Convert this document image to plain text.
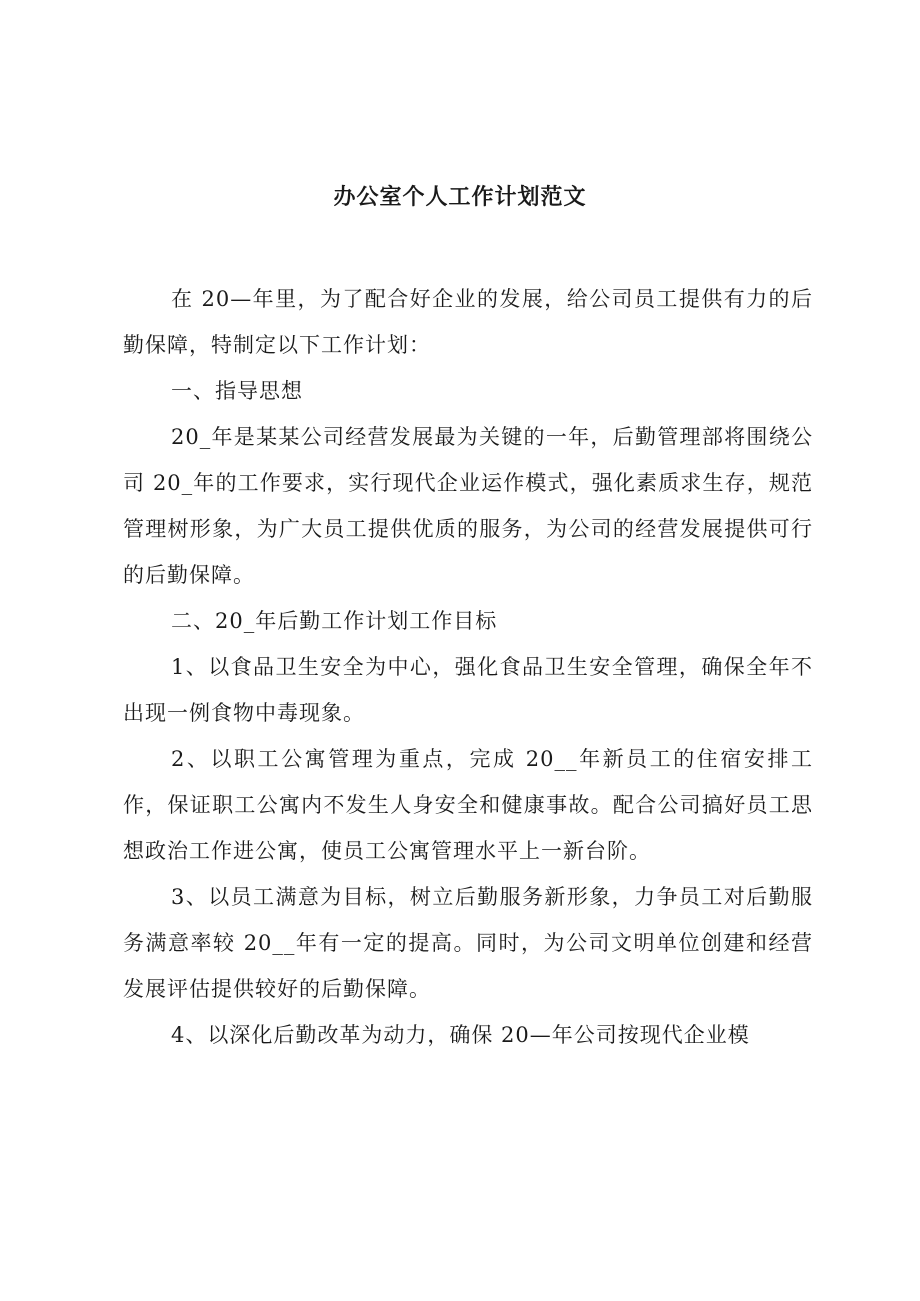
办公室个人工作计划范文

在 20—年里，为了配合好企业的发展，给公司员工提供有力的后勤保障，特制定以下工作计划：

一、指导思想

20_年是某某公司经营发展最为关键的一年，后勤管理部将围绕公司 20_年的工作要求，实行现代企业运作模式，强化素质求生存，规范管理树形象，为广大员工提供优质的服务，为公司的经营发展提供可行的后勤保障。

二、20_年后勤工作计划工作目标

1、以食品卫生安全为中心，强化食品卫生安全管理，确保全年不出现一例食物中毒现象。

2、以职工公寓管理为重点，完成 20__年新员工的住宿安排工作，保证职工公寓内不发生人身安全和健康事故。配合公司搞好员工思想政治工作进公寓，使员工公寓管理水平上一新台阶。

3、以员工满意为目标，树立后勤服务新形象，力争员工对后勤服务满意率较 20__年有一定的提高。同时，为公司文明单位创建和经营发展评估提供较好的后勤保障。

4、以深化后勤改革为动力，确保 20—年公司按现代企业模
